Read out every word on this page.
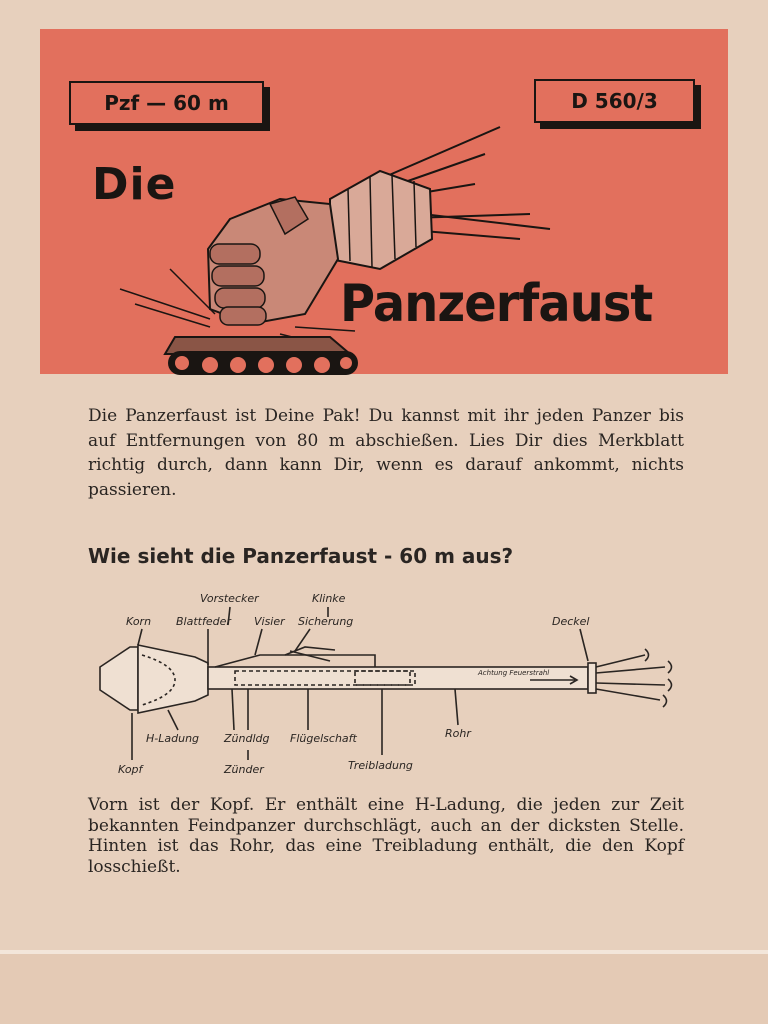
Pzf — 60 m	D 560/3
Die
Panzerfaust

Die Panzerfaust ist Deine Pak! Du kannst mit ihr jeden Panzer bis auf Entfernungen von 80 m abschießen. Lies Dir dies Merkblatt richtig durch, dann kann Dir, wenn es darauf ankommt, nichts passieren.

Wie sieht die Panzerfaust - 60 m aus?
Vorstecker	Klinke
Korn Blattfeder Visier Sicherung	Deckel
Achtung Feuerstrahl
H-Ladung Zündldg Flügelschaft	Rohr
Kopf	Zünder	Treibladung

Vorn ist der Kopf. Er enthält eine H-Ladung, die jeden zur Zeit bekannten Feindpanzer durchschlägt, auch an der dicksten Stelle. Hinten ist das Rohr, das eine Treibladung enthält, die den Kopf losschießt.
